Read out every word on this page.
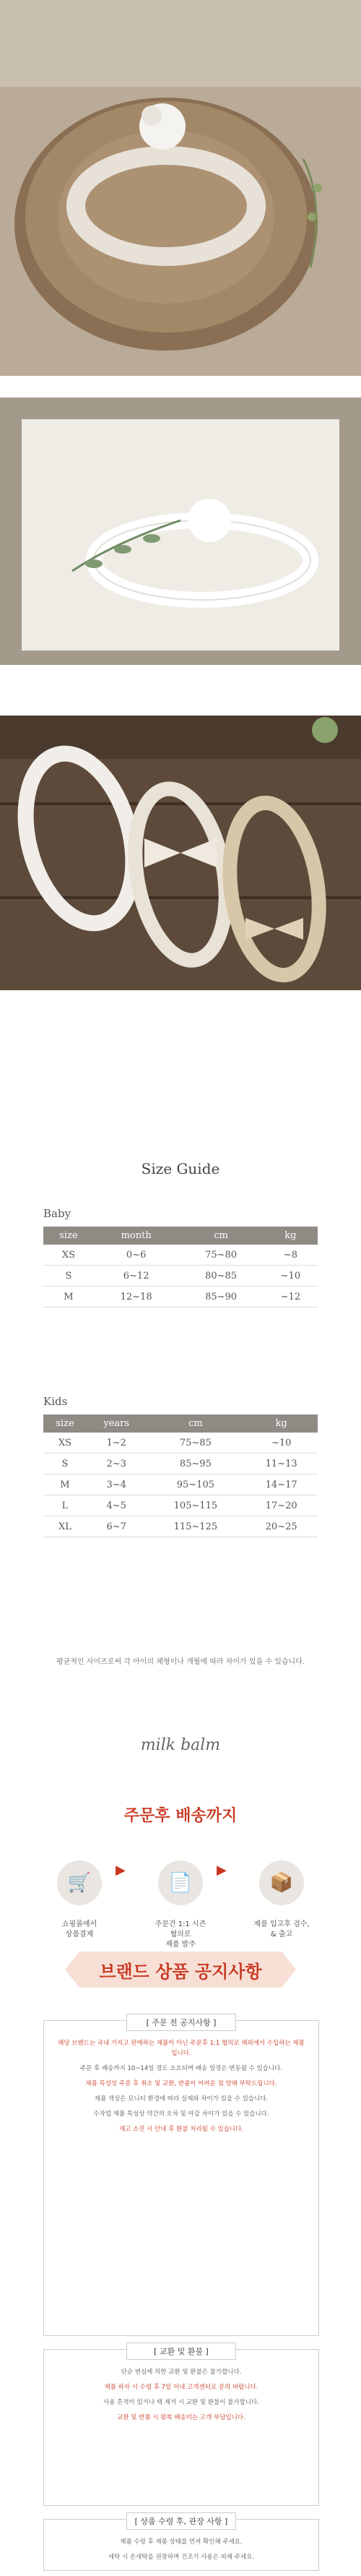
Size Guide
Baby
size	month	cm	kg
XS	0~6	75~80	~8
S	6~12	80~85	~10
M	12~18	85~90	~12
Kids
size	years	cm	kg
XS	1~2	75~85	~10
S	2~3	85~95	11~13
M	3~4	95~105	14~17
L	4~5	105~115	17~20
XL	6~7	115~125	20~25
평균적인 사이즈로써 각 아이의 체형이나 개월에 따라 차이가 있을 수 있습니다.
milk balm
주문후 배송까지

🛒

쇼핑몰에서
상품결제

▶

📄

주문건 1:1 시즌협의로
제품 발주

▶

📦

제품 입고후 검수,
& 출고

브랜드 상품 공지사항
[ 주문 전 공지사항 ]

해당 브랜드는 국내 가지고 판매하는 제품이 아닌 주문후 1:1 협의로 해외에서 수입하는 제품입니다.

주문 후 배송까지 10~14일 정도 소요되며 배송 일정은 변동될 수 있습니다.

제품 특성상 주문 후 취소 및 교환, 반품이 어려운 점 양해 부탁드립니다.

제품 색상은 모니터 환경에 따라 실제와 차이가 있을 수 있습니다.

수작업 제품 특성상 약간의 오차 및 마감 차이가 있을 수 있습니다.

재고 소진 시 안내 후 환불 처리될 수 있습니다.

[ 교환 및 환불 ]

단순 변심에 의한 교환 및 환불은 불가합니다.

제품 하자 시 수령 후 7일 이내 고객센터로 문의 바랍니다.

사용 흔적이 있거나 택 제거 시 교환 및 환불이 불가합니다.

교환 및 반품 시 왕복 배송비는 고객 부담입니다.

[ 상품 수령 후, 관장 사항 ]

제품 수령 후 제품 상태를 먼저 확인해 주세요.

세탁 시 손세탁을 권장하며 건조기 사용은 피해 주세요.
